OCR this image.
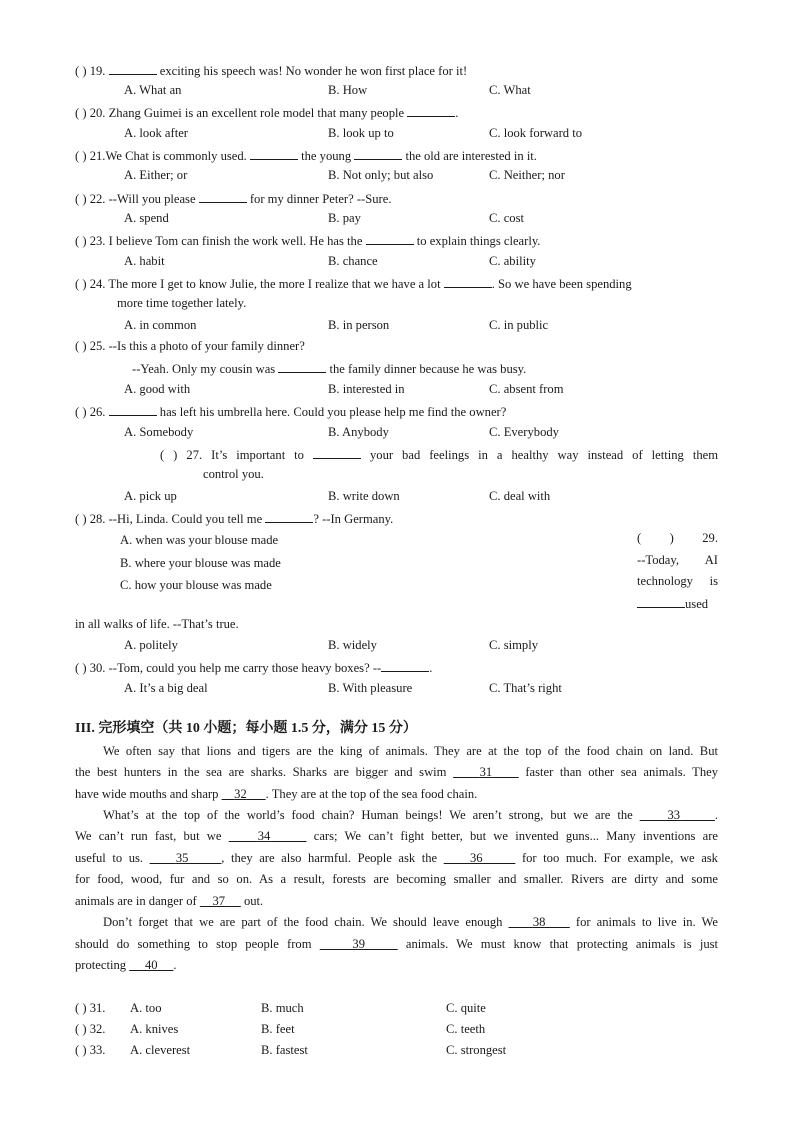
( ) 19.	exciting his speech was! No wonder he won first place for it!
A. What an	B. How	C. What
( ) 20. Zhang Guimei is an excellent role model that many people	.
A. look after	B. look up to	C. look forward to
( ) 21.We Chat is commonly used.	the young	the old are interested in it.
A. Either; or	B. Not only; but also	C. Neither; nor
( ) 22. --Will you please	for my dinner Peter? --Sure.
A. spend	B. pay	C. cost
( ) 23. I believe Tom can finish the work well. He has the	to explain things clearly.
A. habit	B. chance	C. ability
( ) 24. The more I get to know Julie, the more I realize that we have a lot	. So we have been spending
more time together lately.
A. in common	B. in person	C. in public
( ) 25. --Is this a photo of your family dinner?
--Yeah. Only my cousin was	the family dinner because he was busy.
A. good with	B. interested in	C. absent from
( ) 26.	has left his umbrella here. Could you please help me find the owner?
A. Somebody	B. Anybody	C. Everybody
( ) 27. It’s important to	your bad feelings in a healthy way instead of letting them
control you.
A. pick up	B. write down	C. deal with
( ) 28. --Hi, Linda. Could you tell me	? --In Germany.
A. when was your blouse made
B. where your blouse was made
C. how your blouse was made
( ) 29.
--Today, AI
technology is
used
in all walks of life. --That’s true.
A. politely	B. widely	C. simply
( ) 30. --Tom, could you help me carry those heavy boxes? --	.
A. It’s a big deal	B. With pleasure	C. That’s right
III. 完形填空（共 10 小题；每小题 1.5 分，满分 15 分）
We often say that lions and tigers are the king of animals. They are at the top of the food chain on land. But
the best hunters in the sea are sharks. Sharks are bigger and swim	31	faster than other sea animals. They
have wide mouths and sharp 32 . They are at the top of the sea food chain.
What’s at the top of the world’s food chain? Human beings! We aren’t strong, but we are the	33	.
We can’t run fast, but we	34	cars; We can’t fight better, but we invented guns... Many inventions are
useful to us.	35	, they are also harmful. People ask the	36	for too much. For example, we ask
for food, wood, fur and so on. As a result, forests are becoming smaller and smaller. Rivers are dirty and some
animals are in danger of 37 out.
Don’t forget that we are part of the food chain. We should leave enough 38 for animals to live in. We
should do something to stop people from	39	animals. We must know that protecting animals is just
protecting 40 .
( ) 31. A. too	B. much	C. quite
( ) 32. A. knives	B. feet	C. teeth
( ) 33. A. cleverest	B. fastest	C. strongest
